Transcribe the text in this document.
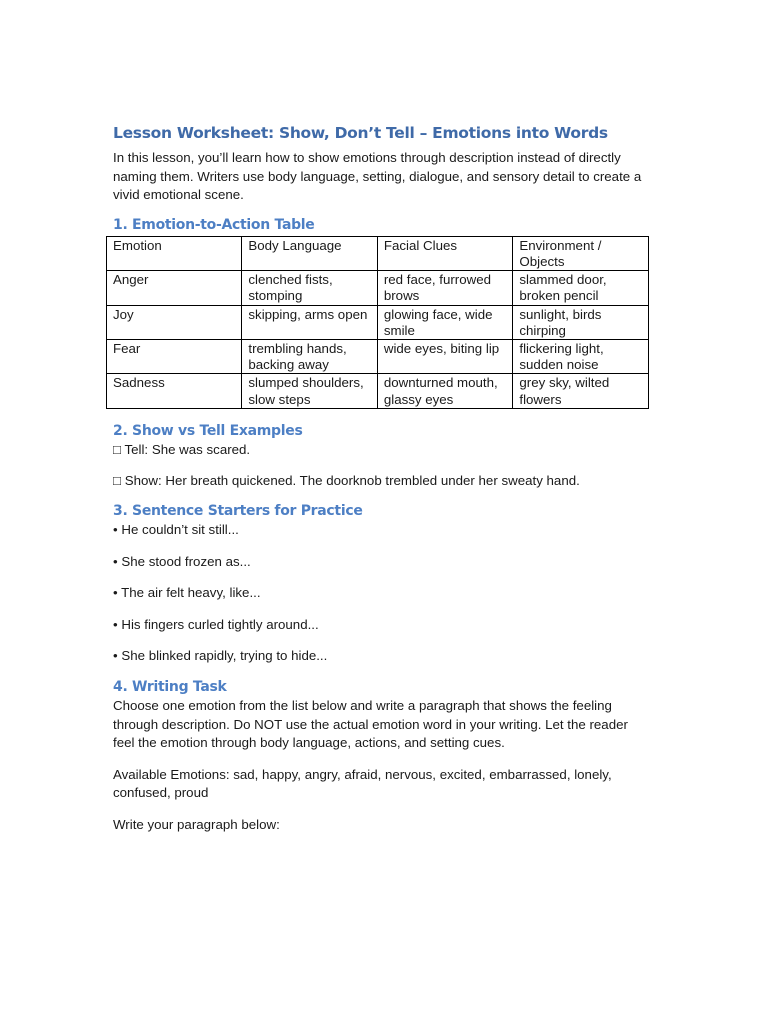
Lesson Worksheet: Show, Don’t Tell – Emotions into Words

In this lesson, you’ll learn how to show emotions through description instead of directly naming them. Writers use body language, setting, dialogue, and sensory detail to create a vivid emotional scene.

1. Emotion-to-Action Table
Emotion	Body Language	Facial Clues	Environment / Objects
Anger	clenched fists, stomping	red face, furrowed brows	slammed door, broken pencil
Joy	skipping, arms open	glowing face, wide smile	sunlight, birds chirping
Fear	trembling hands, backing away	wide eyes, biting lip	flickering light, sudden noise
Sadness	slumped shoulders, slow steps	downturned mouth, glassy eyes	grey sky, wilted flowers
2. Show vs Tell Examples

□ Tell: She was scared.

□ Show: Her breath quickened. The doorknob trembled under her sweaty hand.

3. Sentence Starters for Practice

• He couldn’t sit still...

• She stood frozen as...

• The air felt heavy, like...

• His fingers curled tightly around...

• She blinked rapidly, trying to hide...

4. Writing Task

Choose one emotion from the list below and write a paragraph that shows the feeling through description. Do NOT use the actual emotion word in your writing. Let the reader feel the emotion through body language, actions, and setting cues.

Available Emotions: sad, happy, angry, afraid, nervous, excited, embarrassed, lonely, confused, proud

Write your paragraph below:
